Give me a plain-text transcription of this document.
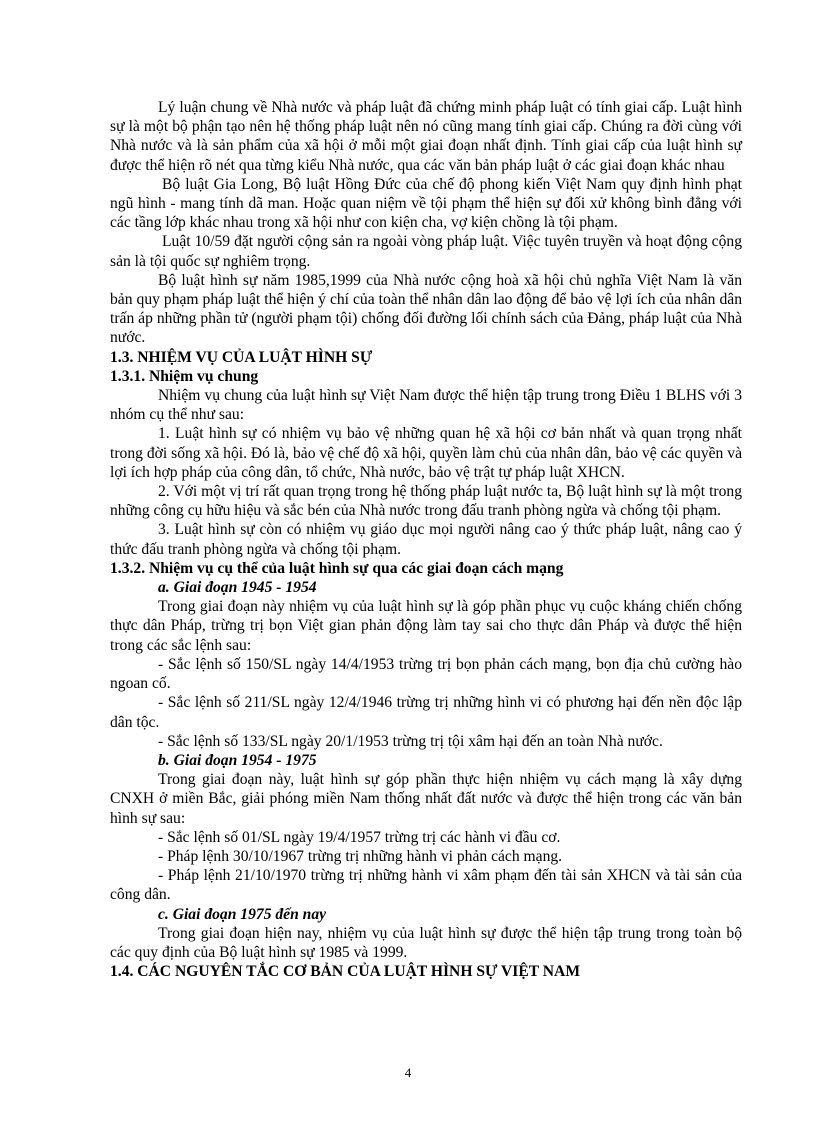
Lý luận chung về Nhà nước và pháp luật đã chứng minh pháp luật có tính giai cấp. Luật hình sự là một bộ phận tạo nên hệ thống pháp luật nên nó cũng mang tính giai cấp. Chúng ra đời cùng với Nhà nước và là sản phẩm của xã hội ở mỗi một giai đoạn nhất định. Tính giai cấp của luật hình sự được thể hiện rõ nét qua từng kiểu Nhà nước, qua các văn bản pháp luật ở các giai đoạn khác nhau

Bộ luật Gia Long, Bộ luật Hồng Đức của chế độ phong kiến Việt Nam quy định hình phạt ngũ hình - mang tính dã man. Hoặc quan niệm về tội phạm thể hiện sự đối xử không bình đẳng với các tầng lớp khác nhau trong xã hội như con kiện cha, vợ kiện chồng là tội phạm.

Luật 10/59 đặt người cộng sản ra ngoài vòng pháp luật. Việc tuyên truyền và hoạt động cộng sản là tội quốc sự nghiêm trọng.

Bộ luật hình sự năm 1985,1999 của Nhà nước cộng hoà xã hội chủ nghĩa Việt Nam là văn bản quy phạm pháp luật thể hiện ý chí của toàn thể nhân dân lao động để bảo vệ lợi ích của nhân dân trấn áp những phần tử (người phạm tội) chống đối đường lối chính sách của Đảng, pháp luật của Nhà nước.

1.3. NHIỆM VỤ CỦA LUẬT HÌNH SỰ

1.3.1. Nhiệm vụ chung

Nhiệm vụ chung của luật hình sự Việt Nam được thể hiện tập trung trong Điều 1 BLHS với 3 nhóm cụ thể như sau:

1. Luật hình sự có nhiệm vụ bảo vệ những quan hệ xã hội cơ bản nhất và quan trọng nhất trong đời sống xã hội. Đó là, bảo vệ chế độ xã hội, quyền làm chủ của nhân dân, bảo vệ các quyền và lợi ích hợp pháp của công dân, tổ chức, Nhà nước, bảo vệ trật tự pháp luật XHCN.

2. Với một vị trí rất quan trọng trong hệ thống pháp luật nước ta, Bộ luật hình sự là một trong những công cụ hữu hiệu và sắc bén của Nhà nước trong đấu tranh phòng ngừa và chống tội phạm.

3. Luật hình sự còn có nhiệm vụ giáo dục mọi người nâng cao ý thức pháp luật, nâng cao ý thức đấu tranh phòng ngừa và chống tội phạm.

1.3.2. Nhiệm vụ cụ thể của luật hình sự qua các giai đoạn cách mạng

a. Giai đoạn 1945 - 1954

Trong giai đoạn này nhiệm vụ của luật hình sự là góp phần phục vụ cuộc kháng chiến chống thực dân Pháp, trừng trị bọn Việt gian phản động làm tay sai cho thực dân Pháp và được thể hiện trong các sắc lệnh sau:

- Sắc lệnh số 150/SL ngày 14/4/1953 trừng trị bọn phản cách mạng, bọn địa chủ cường hào ngoan cố.

- Sắc lệnh số 211/SL ngày 12/4/1946 trừng trị những hình vi có phương hại đến nền độc lập dân tộc.

- Sắc lệnh số 133/SL ngày 20/1/1953 trừng trị tội xâm hại đến an toàn Nhà nước.

b. Giai đoạn 1954 - 1975

Trong giai đoạn này, luật hình sự góp phần thực hiện nhiệm vụ cách mạng là xây dựng CNXH ở miền Bắc, giải phóng miền Nam thống nhất đất nước và được thể hiện trong các văn bản hình sự sau:

- Sắc lệnh số 01/SL ngày 19/4/1957 trừng trị các hành vi đầu cơ.

- Pháp lệnh 30/10/1967 trừng trị những hành vi phản cách mạng.

- Pháp lệnh 21/10/1970 trừng trị những hành vi xâm phạm đến tài sản XHCN và tài sản của công dân.

c. Giai đoạn 1975 đến nay

Trong giai đoạn hiện nay, nhiệm vụ của luật hình sự được thể hiện tập trung trong toàn bộ các quy định của Bộ luật hình sự 1985 và 1999.

1.4. CÁC NGUYÊN TẮC CƠ BẢN CỦA LUẬT HÌNH SỰ VIỆT NAM

4
